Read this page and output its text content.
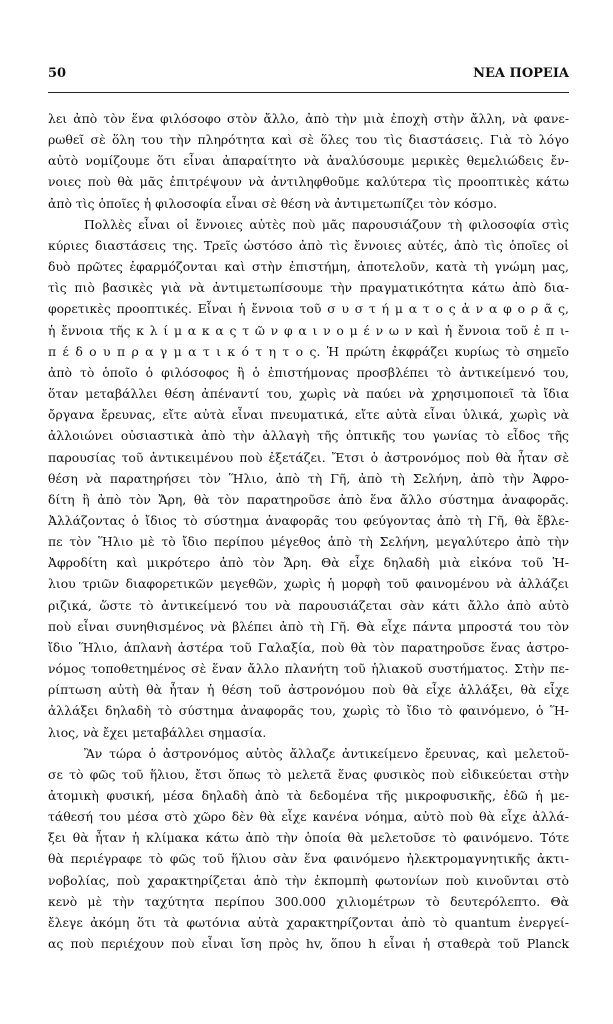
50	ΝΕΑ ΠΟΡΕΙΑ
λει ἀπὸ τὸν ἕνα φιλόσοφο στὸν ἄλλο, ἀπὸ τὴν μιὰ ἐποχὴ στὴν ἄλλη, νὰ φανε-
ρωθεῖ σὲ ὅλη του τὴν πληρότητα καὶ σὲ ὅλες του τὶς διαστάσεις. Γιὰ τὸ λόγο
αὐτὸ νομίζουμε ὅτι εἶναι ἀπαραίτητο νὰ ἀναλύσουμε μερικὲς θεμελιώδεις ἔν-
νοιες ποὺ θὰ μᾶς ἐπιτρέψουν νὰ ἀντιληφθοῦμε καλύτερα τὶς προοπτικὲς κάτω
ἀπὸ τὶς ὁποῖες ἡ φιλοσοφία εἶναι σὲ θέση νὰ ἀντιμετωπίζει τὸν κόσμο.
Πολλὲς εἶναι οἱ ἔννοιες αὐτὲς ποὺ μᾶς παρουσιάζουν τὴ φιλοσοφία στὶς
κύριες διαστάσεις της. Τρεῖς ὡστόσο ἀπὸ τὶς ἔννοιες αὐτές, ἀπὸ τὶς ὁποῖες οἱ
δυὸ πρῶτες ἐφαρμόζονται καὶ στὴν ἐπιστήμη, ἀποτελοῦν, κατὰ τὴ γνώμη μας,
τὶς πιὸ βασικὲς γιὰ νὰ ἀντιμετωπίσουμε τὴν πραγματικότητα κάτω ἀπὸ δια-
φορετικὲς προοπτικές. Εἶναι ἡ ἔννοια τοῦ σ υ σ τ ή μ α τ ο ς ἀ ν α φ ο ρ ᾶ ς,
ἡ ἔννοια τῆς κ λ ί μ α κ α ς τ ῶ ν φ α ι ν ο μ έ ν ω ν καὶ ἡ ἔννοια τοῦ ἐ π ι-
π έ δ ο υ π ρ α γ μ α τ ι κ ό τ η τ ο ς. Ἡ πρώτη ἐκφράζει κυρίως τὸ σημεῖο
ἀπὸ τὸ ὁποῖο ὁ φιλόσοφος ἢ ὁ ἐπιστήμονας προσβλέπει τὸ ἀντικείμενό του,
ὅταν μεταβάλλει θέση ἀπέναντί του, χωρὶς νὰ παύει νὰ χρησιμοποιεῖ τὰ ἴδια
ὄργανα ἔρευνας, εἴτε αὐτὰ εἶναι πνευματικά, εἴτε αὐτὰ εἶναι ὑλικά, χωρὶς νὰ
ἀλλοιώνει οὐσιαστικὰ ἀπὸ τὴν ἀλλαγὴ τῆς ὀπτικῆς του γωνίας τὸ εἶδος τῆς
παρουσίας τοῦ ἀντικειμένου ποὺ ἐξετάζει. Ἔτσι ὁ ἀστρονόμος ποὺ θὰ ἦταν σὲ
θέση νὰ παρατηρήσει τὸν Ἥλιο, ἀπὸ τὴ Γῆ, ἀπὸ τὴ Σελήνη, ἀπὸ τὴν Ἀφρο-
δίτη ἢ ἀπὸ τὸν Ἄρη, θὰ τὸν παρατηροῦσε ἀπὸ ἕνα ἄλλο σύστημα ἀναφορᾶς.
Ἀλλάζοντας ὁ ἴδιος τὸ σύστημα ἀναφορᾶς του φεύγοντας ἀπὸ τὴ Γῆ, θὰ ἔβλε-
πε τὸν Ἥλιο μὲ τὸ ἴδιο περίπου μέγεθος ἀπὸ τὴ Σελήνη, μεγαλύτερο ἀπὸ τὴν
Ἀφροδίτη καὶ μικρότερο ἀπὸ τὸν Ἄρη. Θὰ εἶχε δηλαδὴ μιὰ εἰκόνα τοῦ Ἡ-
λιου τριῶν διαφορετικῶν μεγεθῶν, χωρὶς ἡ μορφὴ τοῦ φαινομένου νὰ ἀλλάζει
ριζικά, ὥστε τὸ ἀντικείμενό του νὰ παρουσιάζεται σὰν κάτι ἄλλο ἀπὸ αὐτὸ
ποὺ εἶναι συνηθισμένος νὰ βλέπει ἀπὸ τὴ Γῆ. Θὰ εἶχε πάντα μπροστά του τὸν
ἴδιο Ἥλιο, ἁπλανὴ ἀστέρα τοῦ Γαλαξία, ποὺ θὰ τὸν παρατηροῦσε ἕνας ἀστρο-
νόμος τοποθετημένος σὲ ἕναν ἄλλο πλανήτη τοῦ ἡλιακοῦ συστήματος. Στὴν πε-
ρίπτωση αὐτὴ θὰ ἦταν ἡ θέση τοῦ ἀστρονόμου ποὺ θὰ εἶχε ἀλλάξει, θὰ εἶχε
ἀλλάξει δηλαδὴ τὸ σύστημα ἀναφορᾶς του, χωρὶς τὸ ἴδιο τὸ φαινόμενο, ὁ Ἥ-
λιος, νὰ ἔχει μεταβάλλει σημασία.
Ἂν τώρα ὁ ἀστρονόμος αὐτὸς ἄλλαζε ἀντικείμενο ἔρευνας, καὶ μελετοῦ-
σε τὸ φῶς τοῦ ἥλιου, ἔτσι ὅπως τὸ μελετᾶ ἕνας φυσικὸς ποὺ εἰδικεύεται στὴν
ἀτομικὴ φυσική, μέσα δηλαδὴ ἀπὸ τὰ δεδομένα τῆς μικροφυσικῆς, ἐδῶ ἡ με-
τάθεσή του μέσα στὸ χῶρο δὲν θὰ εἶχε κανένα νόημα, αὐτὸ ποὺ θὰ εἶχε ἀλλά-
ξει θὰ ἦταν ἡ κλίμακα κάτω ἀπὸ τὴν ὁποία θὰ μελετοῦσε τὸ φαινόμενο. Τότε
θὰ περιέγραφε τὸ φῶς τοῦ ἥλιου σὰν ἕνα φαινόμενο ἠλεκτρομαγνητικῆς ἀκτι-
νοβολίας, ποὺ χαρακτηρίζεται ἀπὸ τὴν ἐκπομπὴ φωτονίων ποὺ κινοῦνται στὸ
κενὸ μὲ τὴν ταχύτητα περίπου 300.000 χιλιομέτρων τὸ δευτερόλεπτο. Θὰ
ἔλεγε ἀκόμη ὅτι τὰ φωτόνια αὐτὰ χαρακτηρίζονται ἀπὸ τὸ quantum ἐνεργεί-
ας ποὺ περιέχουν ποὺ εἶναι ἴση πρὸς hv, ὅπου h εἶναι ἡ σταθερὰ τοῦ Planck
